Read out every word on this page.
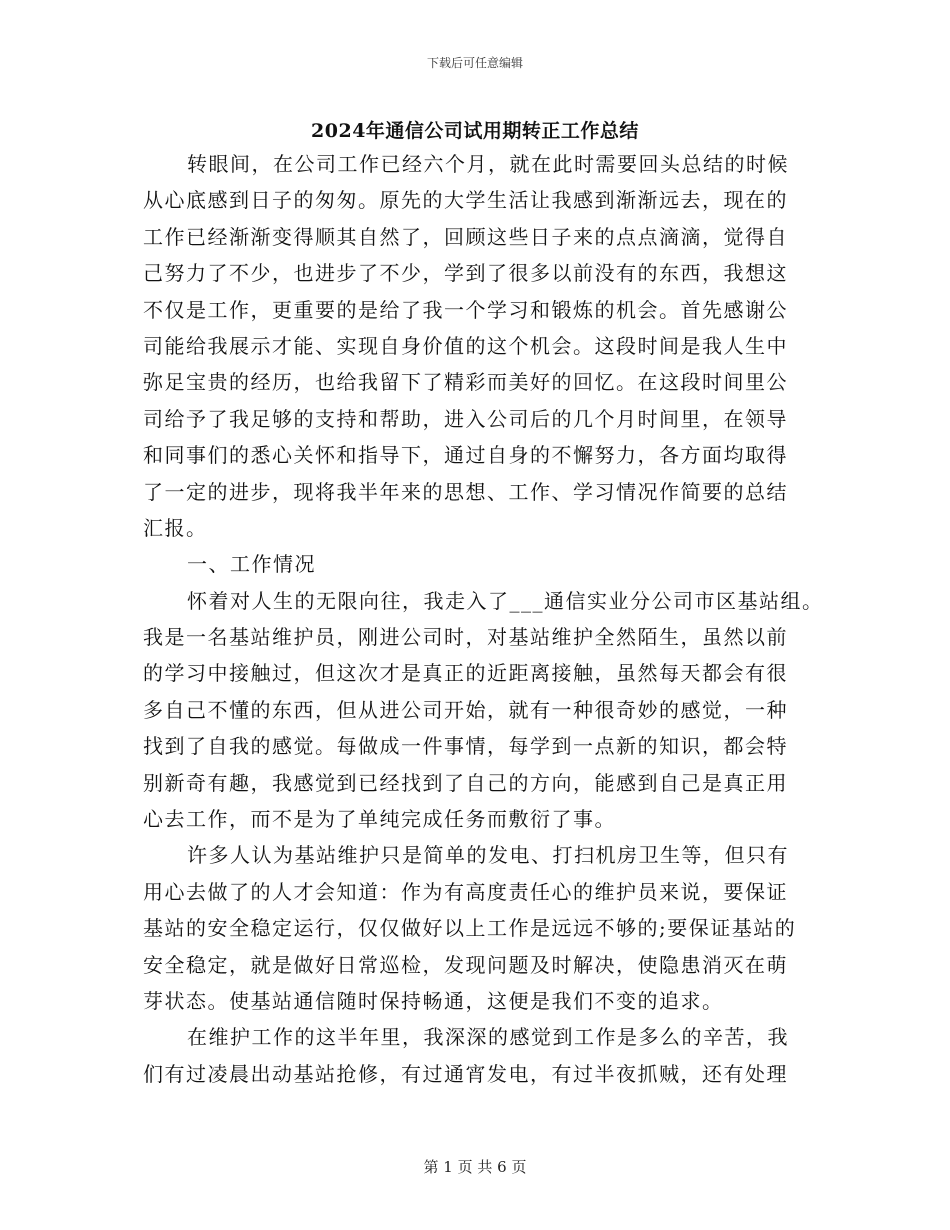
下载后可任意编辑
2024年通信公司试用期转正工作总结
转眼间，在公司工作已经六个月，就在此时需要回头总结的时候
从心底感到日子的匆匆。原先的大学生活让我感到渐渐远去，现在的
工作已经渐渐变得顺其自然了，回顾这些日子来的点点滴滴，觉得自
己努力了不少，也进步了不少，学到了很多以前没有的东西，我想这
不仅是工作，更重要的是给了我一个学习和锻炼的机会。首先感谢公
司能给我展示才能、实现自身价值的这个机会。这段时间是我人生中
弥足宝贵的经历，也给我留下了精彩而美好的回忆。在这段时间里公
司给予了我足够的支持和帮助，进入公司后的几个月时间里，在领导
和同事们的悉心关怀和指导下，通过自身的不懈努力，各方面均取得
了一定的进步，现将我半年来的思想、工作、学习情况作简要的总结
汇报。
一、工作情况
怀着对人生的无限向往，我走入了___通信实业分公司市区基站组。
我是一名基站维护员，刚进公司时，对基站维护全然陌生，虽然以前
的学习中接触过，但这次才是真正的近距离接触，虽然每天都会有很
多自己不懂的东西，但从进公司开始，就有一种很奇妙的感觉，一种
找到了自我的感觉。每做成一件事情，每学到一点新的知识，都会特
别新奇有趣，我感觉到已经找到了自己的方向，能感到自己是真正用
心去工作，而不是为了单纯完成任务而敷衍了事。
许多人认为基站维护只是简单的发电、打扫机房卫生等，但只有
用心去做了的人才会知道：作为有高度责任心的维护员来说，要保证
基站的安全稳定运行，仅仅做好以上工作是远远不够的;要保证基站的
安全稳定，就是做好日常巡检，发现问题及时解决，使隐患消灭在萌
芽状态。使基站通信随时保持畅通，这便是我们不变的追求。
在维护工作的这半年里，我深深的感觉到工作是多么的辛苦，我
们有过凌晨出动基站抢修，有过通宵发电，有过半夜抓贼，还有处理
第 1 页 共 6 页
